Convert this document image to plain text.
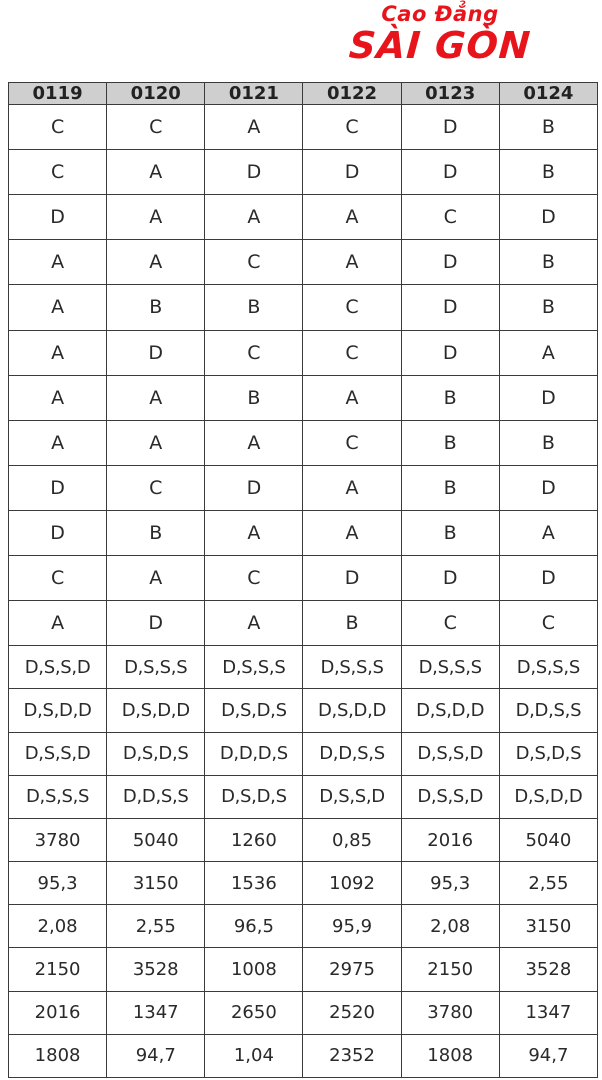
Cao Đẳng
SÀI GÒN
0119	0120	0121	0122	0123	0124
C	C	A	C	D	B
C	A	D	D	D	B
D	A	A	A	C	D
A	A	C	A	D	B
A	B	B	C	D	B
A	D	C	C	D	A
A	A	B	A	B	D
A	A	A	C	B	B
D	C	D	A	B	D
D	B	A	A	B	A
C	A	C	D	D	D
A	D	A	B	C	C
D,S,S,D	D,S,S,S	D,S,S,S	D,S,S,S	D,S,S,S	D,S,S,S
D,S,D,D	D,S,D,D	D,S,D,S	D,S,D,D	D,S,D,D	D,D,S,S
D,S,S,D	D,S,D,S	D,D,D,S	D,D,S,S	D,S,S,D	D,S,D,S
D,S,S,S	D,D,S,S	D,S,D,S	D,S,S,D	D,S,S,D	D,S,D,D
3780	5040	1260	0,85	2016	5040
95,3	3150	1536	1092	95,3	2,55
2,08	2,55	96,5	95,9	2,08	3150
2150	3528	1008	2975	2150	3528
2016	1347	2650	2520	3780	1347
1808	94,7	1,04	2352	1808	94,7
